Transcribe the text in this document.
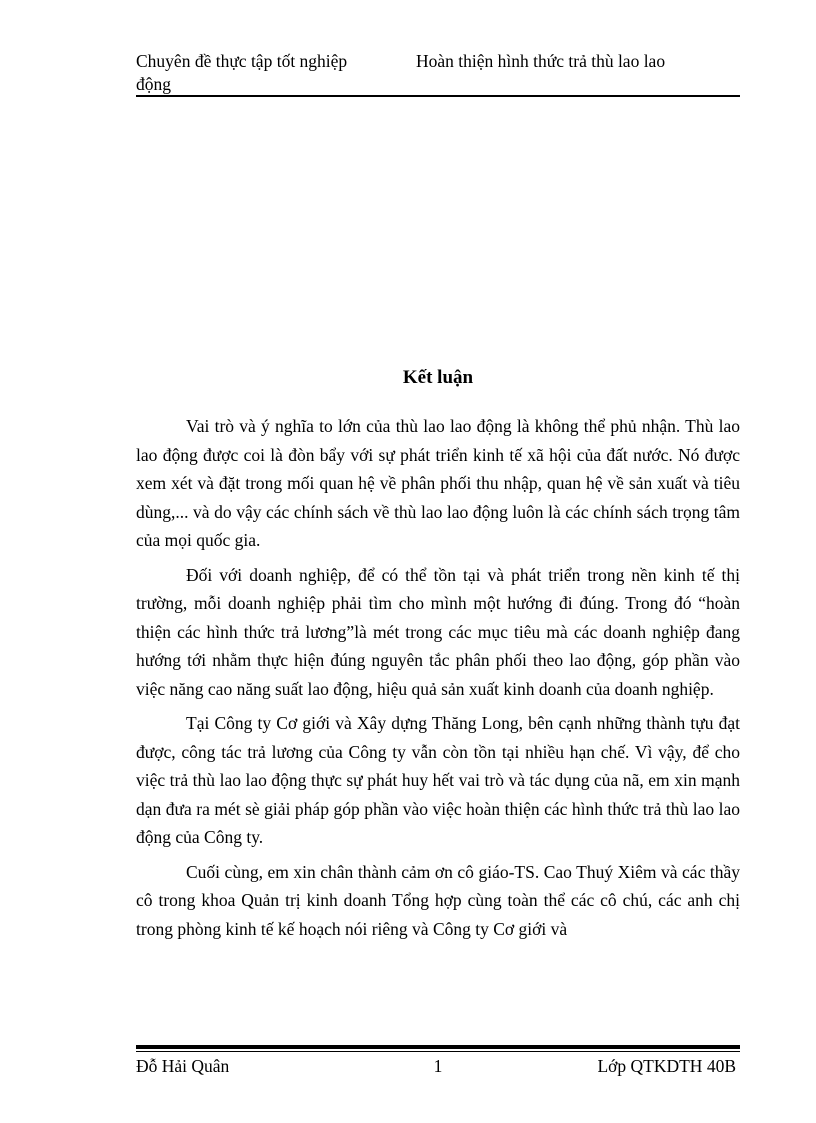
Chuyên đề thực tập tốt nghiệp	Hoàn thiện hình thức trả thù lao lao
động
Kết luận

Vai trò và ý nghĩa to lớn của thù lao lao động là không thể phủ nhận. Thù lao lao động được coi là đòn bẩy với sự phát triển kinh tế xã hội của đất nước. Nó được xem xét và đặt trong mối quan hệ về phân phối thu nhập, quan hệ về sản xuất và tiêu dùng,... và do vậy các chính sách về thù lao lao động luôn là các chính sách trọng tâm của mọi quốc gia.

Đối với doanh nghiệp, để có thể tồn tại và phát triển trong nền kinh tế thị trường, mỗi doanh nghiệp phải tìm cho mình một hướng đi đúng. Trong đó “hoàn thiện các hình thức trả lương”là mét trong các mục tiêu mà các doanh nghiệp đang hướng tới nhằm thực hiện đúng nguyên tắc phân phối theo lao động, góp phần vào việc năng cao năng suất lao động, hiệu quả sản xuất kinh doanh của doanh nghiệp.

Tại Công ty Cơ giới và Xây dựng Thăng Long, bên cạnh những thành tựu đạt được, công tác trả lương của Công ty vẫn còn tồn tại nhiều hạn chế. Vì vậy, để cho việc trả thù lao lao động thực sự phát huy hết vai trò và tác dụng của nã, em xin mạnh dạn đưa ra mét sè giải pháp góp phần vào việc hoàn thiện các hình thức trả thù lao lao động của Công ty.

Cuối cùng, em xin chân thành cảm ơn cô giáo-TS. Cao Thuý Xiêm và các thầy cô trong khoa Quản trị kinh doanh Tổng hợp cùng toàn thể các cô chú, các anh chị trong phòng kinh tế kế hoạch nói riêng và Công ty Cơ giới và

Đỗ Hải Quân	1	Lớp QTKDTH 40B
